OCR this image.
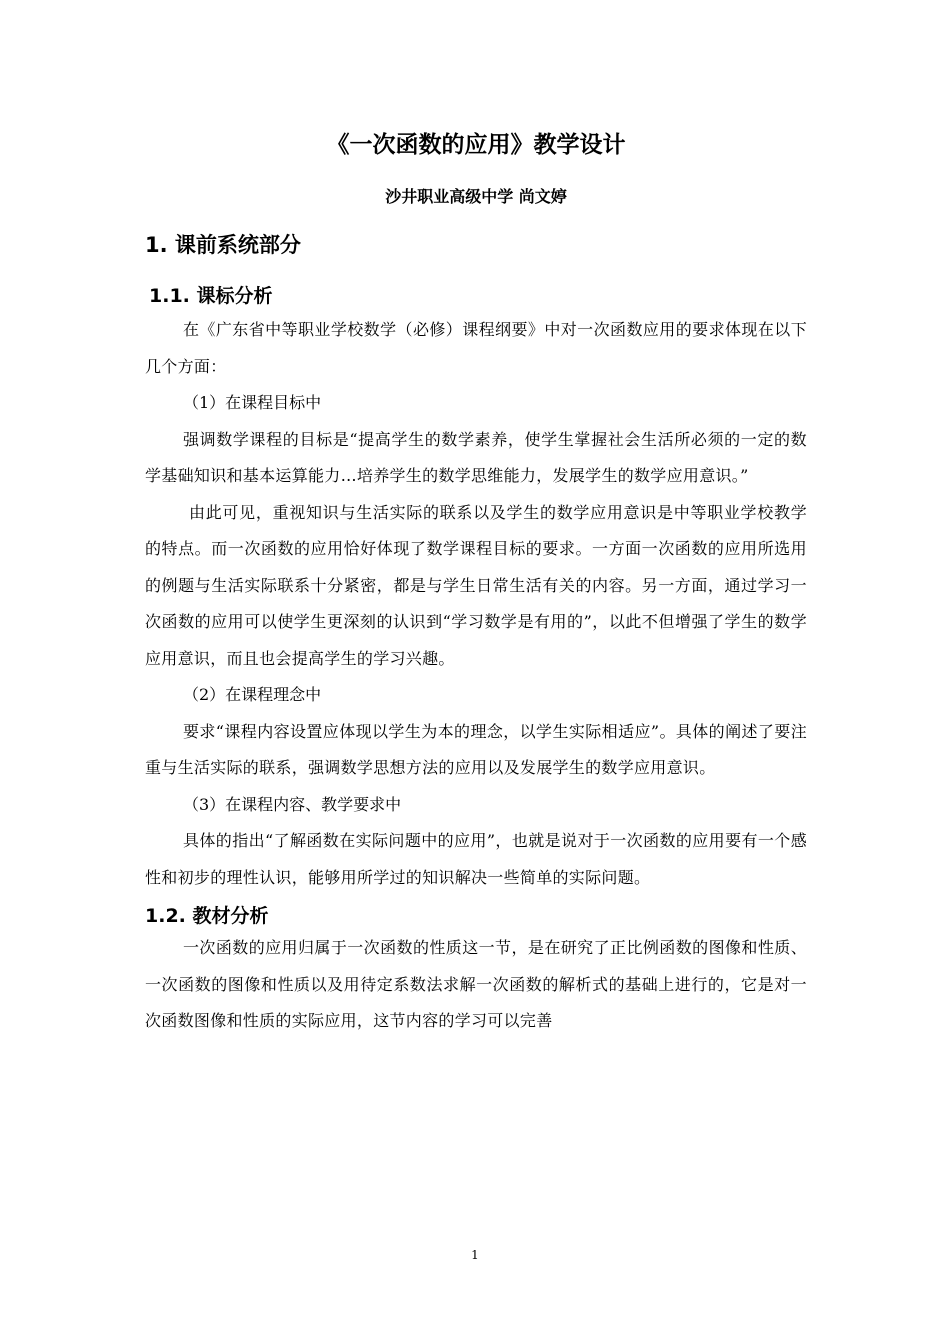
《一次函数的应用》教学设计

沙井职业高级中学 尚文婷

1. 课前系统部分
1.1. 课标分析

在《广东省中等职业学校数学（必修）课程纲要》中对一次函数应用的要求体现在以下几个方面：

（1）在课程目标中

强调数学课程的目标是“提高学生的数学素养，使学生掌握社会生活所必须的一定的数学基础知识和基本运算能力…培养学生的数学思维能力，发展学生的数学应用意识。”

由此可见，重视知识与生活实际的联系以及学生的数学应用意识是中等职业学校教学的特点。而一次函数的应用恰好体现了数学课程目标的要求。一方面一次函数的应用所选用的例题与生活实际联系十分紧密，都是与学生日常生活有关的内容。另一方面，通过学习一次函数的应用可以使学生更深刻的认识到“学习数学是有用的”，以此不但增强了学生的数学应用意识，而且也会提高学生的学习兴趣。

（2）在课程理念中

要求“课程内容设置应体现以学生为本的理念，以学生实际相适应”。具体的阐述了要注重与生活实际的联系，强调数学思想方法的应用以及发展学生的数学应用意识。

（3）在课程内容、教学要求中

具体的指出“了解函数在实际问题中的应用”，也就是说对于一次函数的应用要有一个感性和初步的理性认识，能够用所学过的知识解决一些简单的实际问题。

1.2. 教材分析

一次函数的应用归属于一次函数的性质这一节，是在研究了正比例函数的图像和性质、一次函数的图像和性质以及用待定系数法求解一次函数的解析式的基础上进行的，它是对一次函数图像和性质的实际应用，这节内容的学习可以完善

1
